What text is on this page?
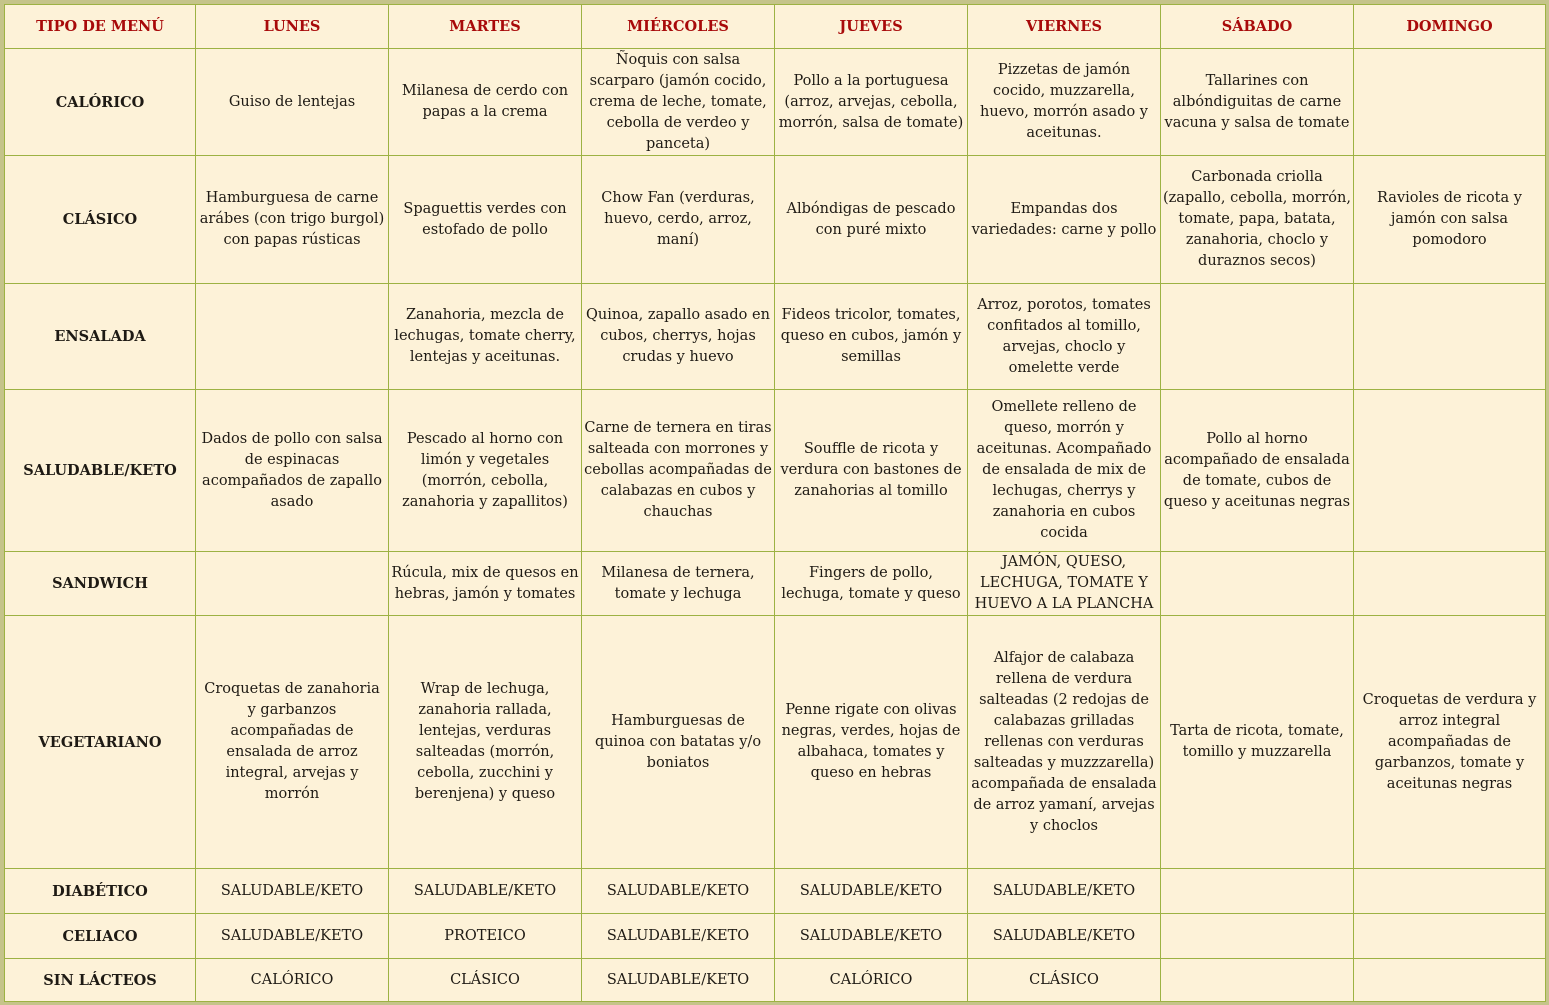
TIPO DE MENÚ	LUNES	MARTES	MIÉRCOLES	JUEVES	VIERNES	SÁBADO	DOMINGO
CALÓRICO	Guiso de lentejas	Milanesa de cerdo con papas a la crema	Ñoquis con salsa scarparo (jamón cocido, crema de leche, tomate, cebolla de verdeo y panceta)	Pollo a la portuguesa (arroz, arvejas, cebolla, morrón, salsa de tomate)	Pizzetas de jamón cocido, muzzarella, huevo, morrón asado y aceitunas.	Tallarines con albóndiguitas de carne vacuna y salsa de tomate	
CLÁSICO	Hamburguesa de carne arábes (con trigo burgol) con papas rústicas	Spaguettis verdes con estofado de pollo	Chow Fan (verduras, huevo, cerdo, arroz, maní)	Albóndigas de pescado con puré mixto	Empandas dos variedades: carne y pollo	Carbonada criolla (zapallo, cebolla, morrón, tomate, papa, batata, zanahoria, choclo y duraznos secos)	Ravioles de ricota y jamón con salsa pomodoro
ENSALADA		Zanahoria, mezcla de lechugas, tomate cherry, lentejas y aceitunas.	Quinoa, zapallo asado en cubos, cherrys, hojas crudas y huevo	Fideos tricolor, tomates, queso en cubos, jamón y semillas	Arroz, porotos, tomates confitados al tomillo, arvejas, choclo y omelette verde		
SALUDABLE/KETO	Dados de pollo con salsa de espinacas acompañados de zapallo asado	Pescado al horno con limón y vegetales (morrón, cebolla, zanahoria y zapallitos)	Carne de ternera en tiras salteada con morrones y cebollas acompañadas de calabazas en cubos y chauchas	Souffle de ricota y verdura con bastones de zanahorias al tomillo	Omellete relleno de queso, morrón y aceitunas. Acompañado de ensalada de mix de lechugas, cherrys y zanahoria en cubos cocida	Pollo al horno acompañado de ensalada de tomate, cubos de queso y aceitunas negras	
SANDWICH		Rúcula, mix de quesos en hebras, jamón y tomates	Milanesa de ternera, tomate y lechuga	Fingers de pollo, lechuga, tomate y queso	JAMÓN, QUESO, LECHUGA, TOMATE Y HUEVO A LA PLANCHA		
VEGETARIANO	Croquetas de zanahoria y garbanzos acompañadas de ensalada de arroz integral, arvejas y morrón	Wrap de lechuga, zanahoria rallada, lentejas, verduras salteadas (morrón, cebolla, zucchini y berenjena) y queso	Hamburguesas de quinoa con batatas y/o boniatos	Penne rigate con olivas negras, verdes, hojas de albahaca, tomates y queso en hebras	Alfajor de calabaza rellena de verdura salteadas (2 redojas de calabazas grilladas rellenas con verduras salteadas y muzzzarella) acompañada de ensalada de arroz yamaní, arvejas y choclos	Tarta de ricota, tomate, tomillo y muzzarella	Croquetas de verdura y arroz integral acompañadas de garbanzos, tomate y aceitunas negras
DIABÉTICO	SALUDABLE/KETO	SALUDABLE/KETO	SALUDABLE/KETO	SALUDABLE/KETO	SALUDABLE/KETO		
CELIACO	SALUDABLE/KETO	PROTEICO	SALUDABLE/KETO	SALUDABLE/KETO	SALUDABLE/KETO		
SIN LÁCTEOS	CALÓRICO	CLÁSICO	SALUDABLE/KETO	CALÓRICO	CLÁSICO		
